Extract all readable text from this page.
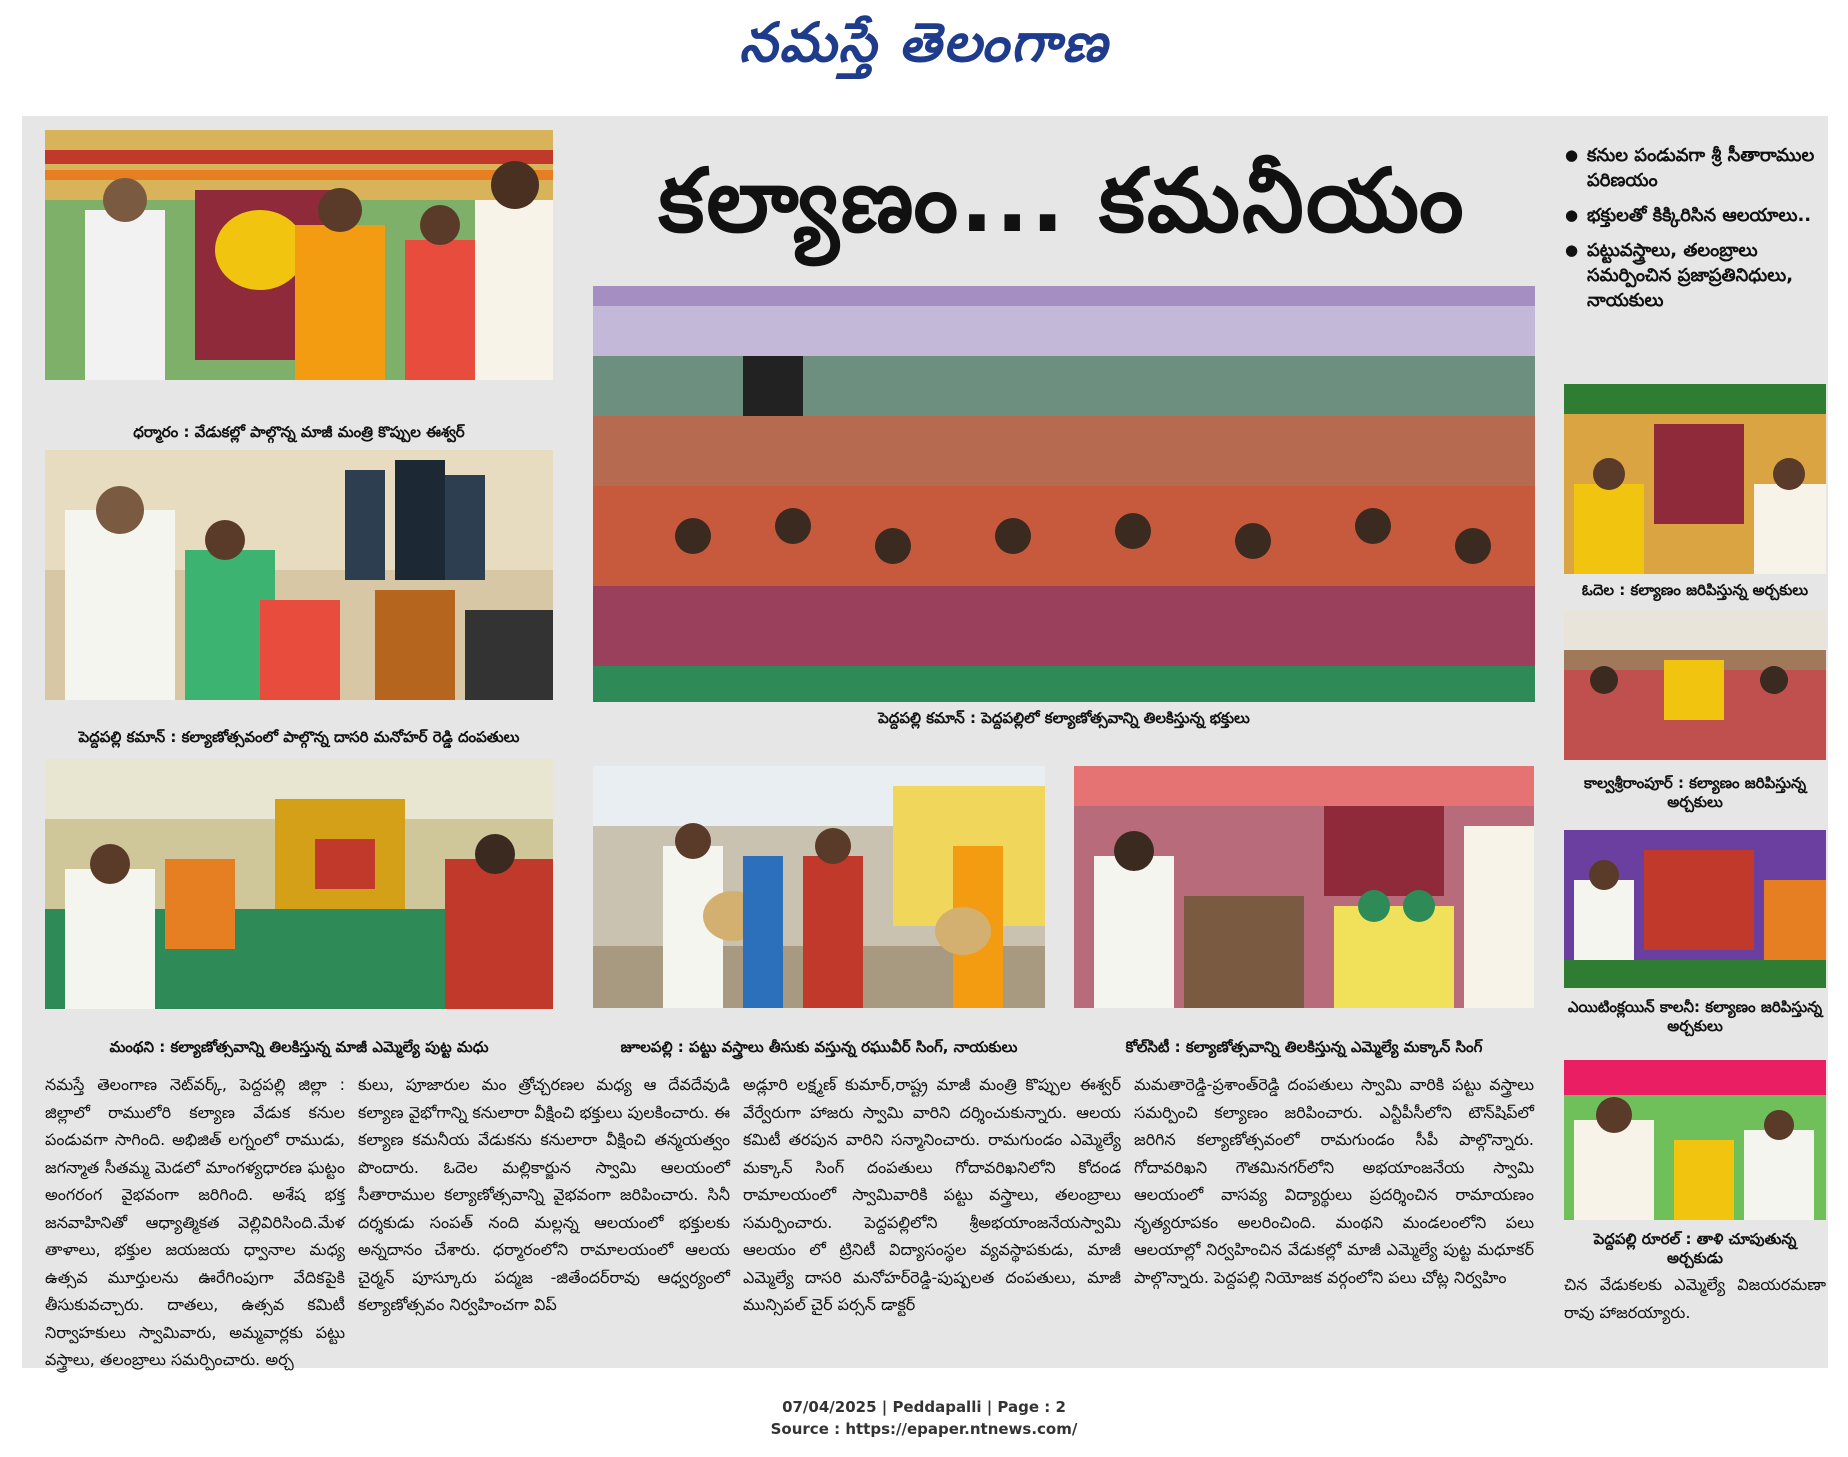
నమస్తే తెలంగాణ
ధర్మారం : వేడుకల్లో పాల్గొన్న మాజీ మంత్రి కొప్పుల ఈశ్వర్
పెద్దపల్లి కమాన్ : కల్యాణోత్సవంలో పాల్గొన్న దాసరి మనోహర్ రెడ్డి దంపతులు
కల్యాణం... కమనీయం
పెద్దపల్లి కమాన్ : పెద్దపల్లిలో కల్యాణోత్సవాన్ని తిలకిస్తున్న భక్తులు
● కనుల పండువగా శ్రీ సీతారాముల పరిణయం
● భక్తులతో కిక్కిరిసిన ఆలయాలు..
● పట్టువస్త్రాలు, తలంబ్రాలు సమర్పించిన ప్రజాప్రతినిధులు, నాయకులు
ఓదెల : కల్యాణం జరిపిస్తున్న అర్చకులు
కాల్వశ్రీరాంపూర్ : కల్యాణం జరిపిస్తున్న అర్చకులు
ఎయిటింక్లయిన్ కాలనీ: కల్యాణం జరిపిస్తున్న అర్చకులు
పెద్దపల్లి రూరల్ : తాళి చూపుతున్న అర్చకుడు
మంథని : కల్యాణోత్సవాన్ని తిలకిస్తున్న మాజీ ఎమ్మెల్యే పుట్ట మధు	జూలపల్లి : పట్టు వస్త్రాలు తీసుకు వస్తున్న రఘువీర్ సింగ్, నాయకులు	కోల్‌సిటీ : కల్యాణోత్సవాన్ని తిలకిస్తున్న ఎమ్మెల్యే మక్కాన్ సింగ్

నమస్తే తెలంగాణ నెట్‌వర్క్, పెద్దపల్లి జిల్లా : జిల్లాలో రాములోరి కల్యాణ వేడుక కనుల పండువగా సాగింది. అభిజిత్ లగ్నంలో రాముడు, జగన్మాత సీతమ్మ మెడలో మాంగళ్యధారణ ఘట్టం అంగరంగ వైభవంగా జరిగింది. అశేష భక్త జనవాహినితో ఆధ్యాత్మికత వెల్లివిరిసింది.మేళ తాళాలు, భక్తుల జయజయ ధ్వానాల మధ్య ఉత్సవ మూర్తులను ఊరేగింపుగా వేదికపైకి తీసుకువచ్చారు. దాతలు, ఉత్సవ కమిటీ నిర్వాహకులు స్వామివారు, అమ్మవార్లకు పట్టు వస్త్రాలు, తలంబ్రాలు సమర్పించారు. అర్చ

కులు, పూజారుల మం త్రోచ్చరణల మధ్య ఆ దేవదేవుడి కల్యాణ వైభోగాన్ని కనులారా వీక్షించి భక్తులు పులకించారు. ఈ కల్యాణ కమనీయ వేడుకను కనులారా వీక్షించి తన్మయత్వం పొందారు. ఓదెల మల్లికార్జున స్వామి ఆలయంలో సీతారాముల కల్యాణోత్సవాన్ని వైభవంగా జరిపించారు. సినీ దర్శకుడు సంపత్ నంది మల్లన్న ఆలయంలో భక్తులకు అన్నదానం చేశారు. ధర్మారంలోని రామాలయంలో ఆలయ చైర్మన్ పూస్కూరు పద్మజ -జితేందర్‌రావు ఆధ్వర్యంలో కల్యాణోత్సవం నిర్వహించగా విప్

అడ్లూరి లక్ష్మణ్ కుమార్,రాష్ట్ర మాజీ మంత్రి కొప్పుల ఈశ్వర్ వేర్వేరుగా హాజరు స్వామి వారిని దర్శించుకున్నారు. ఆలయ కమిటీ తరపున వారిని సన్మానించారు. రామగుండం ఎమ్మెల్యే మక్కాన్ సింగ్ దంపతులు గోదావరిఖనిలోని కోదండ రామాలయంలో స్వామివారికి పట్టు వస్త్రాలు, తలంబ్రాలు సమర్పించారు. పెద్దపల్లిలోని శ్రీఅభయాంజనేయస్వామి ఆలయం లో ట్రినిటీ విద్యాసంస్థల వ్యవస్థాపకుడు, మాజీ ఎమ్మెల్యే దాసరి మనోహర్‌రెడ్డి-పుష్పలత దంపతులు, మాజీ మున్సిపల్ చైర్ పర్సన్ డాక్టర్

మమతారెడ్డి-ప్రశాంత్‌రెడ్డి దంపతులు స్వామి వారికి పట్టు వస్త్రాలు సమర్పించి కల్యాణం జరిపించారు. ఎన్టీపీసీలోని టౌన్‌షిప్‌లో జరిగిన కల్యాణోత్సవంలో రామగుండం సీపీ పాల్గొన్నారు. గోదావరిఖని గౌతమినగర్‌లోని అభయాంజనేయ స్వామి ఆలయంలో వాసవ్య విద్యార్థులు ప్రదర్శించిన రామాయణం నృత్యరూపకం అలరించింది. మంథని మండలంలోని పలు ఆలయాల్లో నిర్వహించిన వేడుకల్లో మాజీ ఎమ్మెల్యే పుట్ట మధూకర్ పాల్గొన్నారు. పెద్దపల్లి నియోజక వర్గంలోని పలు చోట్ల నిర్వహిం	చిన వేడుకలకు ఎమ్మెల్యే విజయరమణా రావు హాజరయ్యారు.

07/04/2025 | Peddapalli | Page : 2
Source : https://epaper.ntnews.com/
